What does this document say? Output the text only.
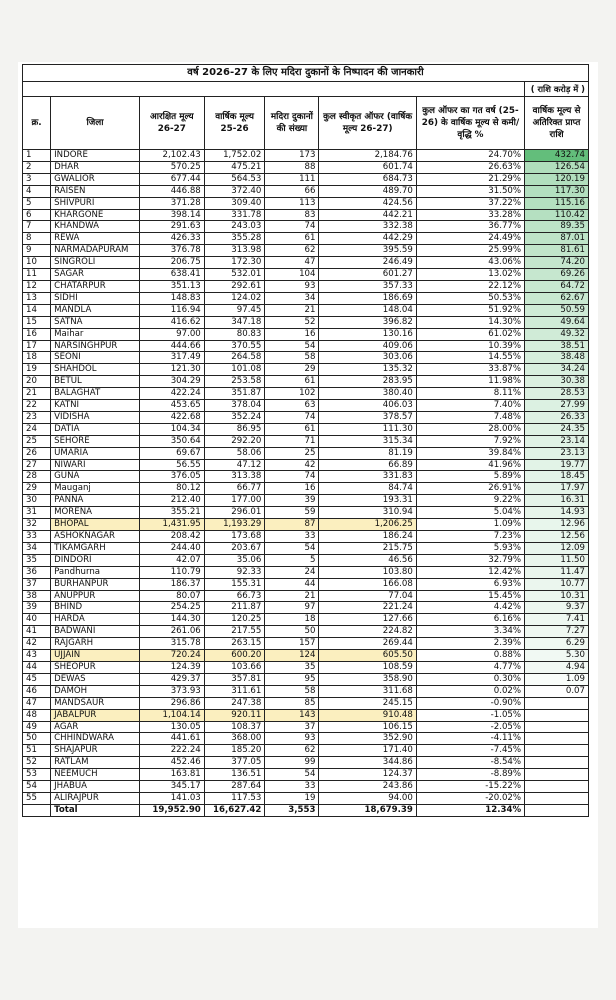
वर्ष 2026-27 के लिए मदिरा दुकानों के निष्पादन की जानकारी							
							( राशि करोड़ में )
क्र.	जिला	आरक्षित मूल्य 26-27	वार्षिक मूल्य 25-26	मदिरा दुकानों की संख्या	कुल स्वीकृत ऑफर (वार्षिक मूल्य 26-27)	कुल ऑफर का गत वर्ष (25-26) के वार्षिक मूल्य से कमी/वृद्धि %	वार्षिक मूल्य से अतिरिक्त प्राप्त राशि
1	INDORE	2,102.43	1,752.02	173	2,184.76	24.70%	432.74
2	DHAR	570.25	475.21	88	601.74	26.63%	126.54
3	GWALIOR	677.44	564.53	111	684.73	21.29%	120.19
4	RAISEN	446.88	372.40	66	489.70	31.50%	117.30
5	SHIVPURI	371.28	309.40	113	424.56	37.22%	115.16
6	KHARGONE	398.14	331.78	83	442.21	33.28%	110.42
7	KHANDWA	291.63	243.03	74	332.38	36.77%	89.35
8	REWA	426.33	355.28	61	442.29	24.49%	87.01
9	NARMADAPURAM	376.78	313.98	62	395.59	25.99%	81.61
10	SINGROLI	206.75	172.30	47	246.49	43.06%	74.20
11	SAGAR	638.41	532.01	104	601.27	13.02%	69.26
12	CHATARPUR	351.13	292.61	93	357.33	22.12%	64.72
13	SIDHI	148.83	124.02	34	186.69	50.53%	62.67
14	MANDLA	116.94	97.45	21	148.04	51.92%	50.59
15	SATNA	416.62	347.18	52	396.82	14.30%	49.64
16	Maihar	97.00	80.83	16	130.16	61.02%	49.32
17	NARSINGHPUR	444.66	370.55	54	409.06	10.39%	38.51
18	SEONI	317.49	264.58	58	303.06	14.55%	38.48
19	SHAHDOL	121.30	101.08	29	135.32	33.87%	34.24
20	BETUL	304.29	253.58	61	283.95	11.98%	30.38
21	BALAGHAT	422.24	351.87	102	380.40	8.11%	28.53
22	KATNI	453.65	378.04	63	406.03	7.40%	27.99
23	VIDISHA	422.68	352.24	74	378.57	7.48%	26.33
24	DATIA	104.34	86.95	61	111.30	28.00%	24.35
25	SEHORE	350.64	292.20	71	315.34	7.92%	23.14
26	UMARIA	69.67	58.06	25	81.19	39.84%	23.13
27	NIWARI	56.55	47.12	42	66.89	41.96%	19.77
28	GUNA	376.05	313.38	74	331.83	5.89%	18.45
29	Mauganj	80.12	66.77	16	84.74	26.91%	17.97
30	PANNA	212.40	177.00	39	193.31	9.22%	16.31
31	MORENA	355.21	296.01	59	310.94	5.04%	14.93
32	BHOPAL	1,431.95	1,193.29	87	1,206.25	1.09%	12.96
33	ASHOKNAGAR	208.42	173.68	33	186.24	7.23%	12.56
34	TIKAMGARH	244.40	203.67	54	215.75	5.93%	12.09
35	DINDORI	42.07	35.06	5	46.56	32.79%	11.50
36	Pandhurna	110.79	92.33	24	103.80	12.42%	11.47
37	BURHANPUR	186.37	155.31	44	166.08	6.93%	10.77
38	ANUPPUR	80.07	66.73	21	77.04	15.45%	10.31
39	BHIND	254.25	211.87	97	221.24	4.42%	9.37
40	HARDA	144.30	120.25	18	127.66	6.16%	7.41
41	BADWANI	261.06	217.55	50	224.82	3.34%	7.27
42	RAJGARH	315.78	263.15	157	269.44	2.39%	6.29
43	UJJAIN	720.24	600.20	124	605.50	0.88%	5.30
44	SHEOPUR	124.39	103.66	35	108.59	4.77%	4.94
45	DEWAS	429.37	357.81	95	358.90	0.30%	1.09
46	DAMOH	373.93	311.61	58	311.68	0.02%	0.07
47	MANDSAUR	296.86	247.38	85	245.15	-0.90%	
48	JABALPUR	1,104.14	920.11	143	910.48	-1.05%	
49	AGAR	130.05	108.37	37	106.15	-2.05%	
50	CHHINDWARA	441.61	368.00	93	352.90	-4.11%	
51	SHAJAPUR	222.24	185.20	62	171.40	-7.45%	
52	RATLAM	452.46	377.05	99	344.86	-8.54%	
53	NEEMUCH	163.81	136.51	54	124.37	-8.89%	
54	JHABUA	345.17	287.64	33	243.86	-15.22%	
55	ALIRAJPUR	141.03	117.53	19	94.00	-20.02%	
	Total	19,952.90	16,627.42	3,553	18,679.39	12.34%	
